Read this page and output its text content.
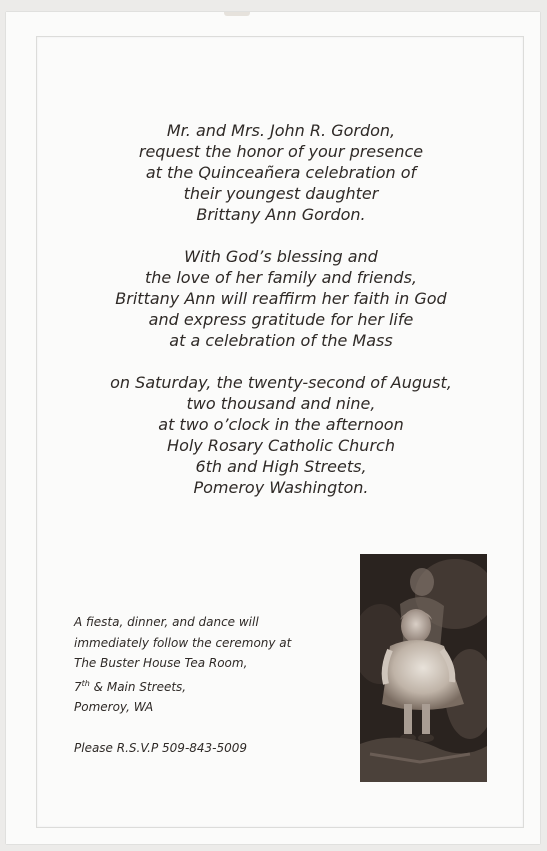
Mr. and Mrs. John R. Gordon,
request the honor of your presence
at the Quinceañera celebration of
their youngest daughter
Brittany Ann Gordon.

With God’s blessing and
the love of her family and friends,
Brittany Ann will reaffirm her faith in God
and express gratitude for her life
at a celebration of the Mass

on Saturday, the twenty-second of August,
two thousand and nine,
at two o’clock in the afternoon
Holy Rosary Catholic Church
6th and High Streets,
Pomeroy Washington.

A fiesta, dinner, and dance will
immediately follow the ceremony at
The Buster House Tea Room,
7th & Main Streets,
Pomeroy, WA
Please R.S.V.P 509-843-5009
